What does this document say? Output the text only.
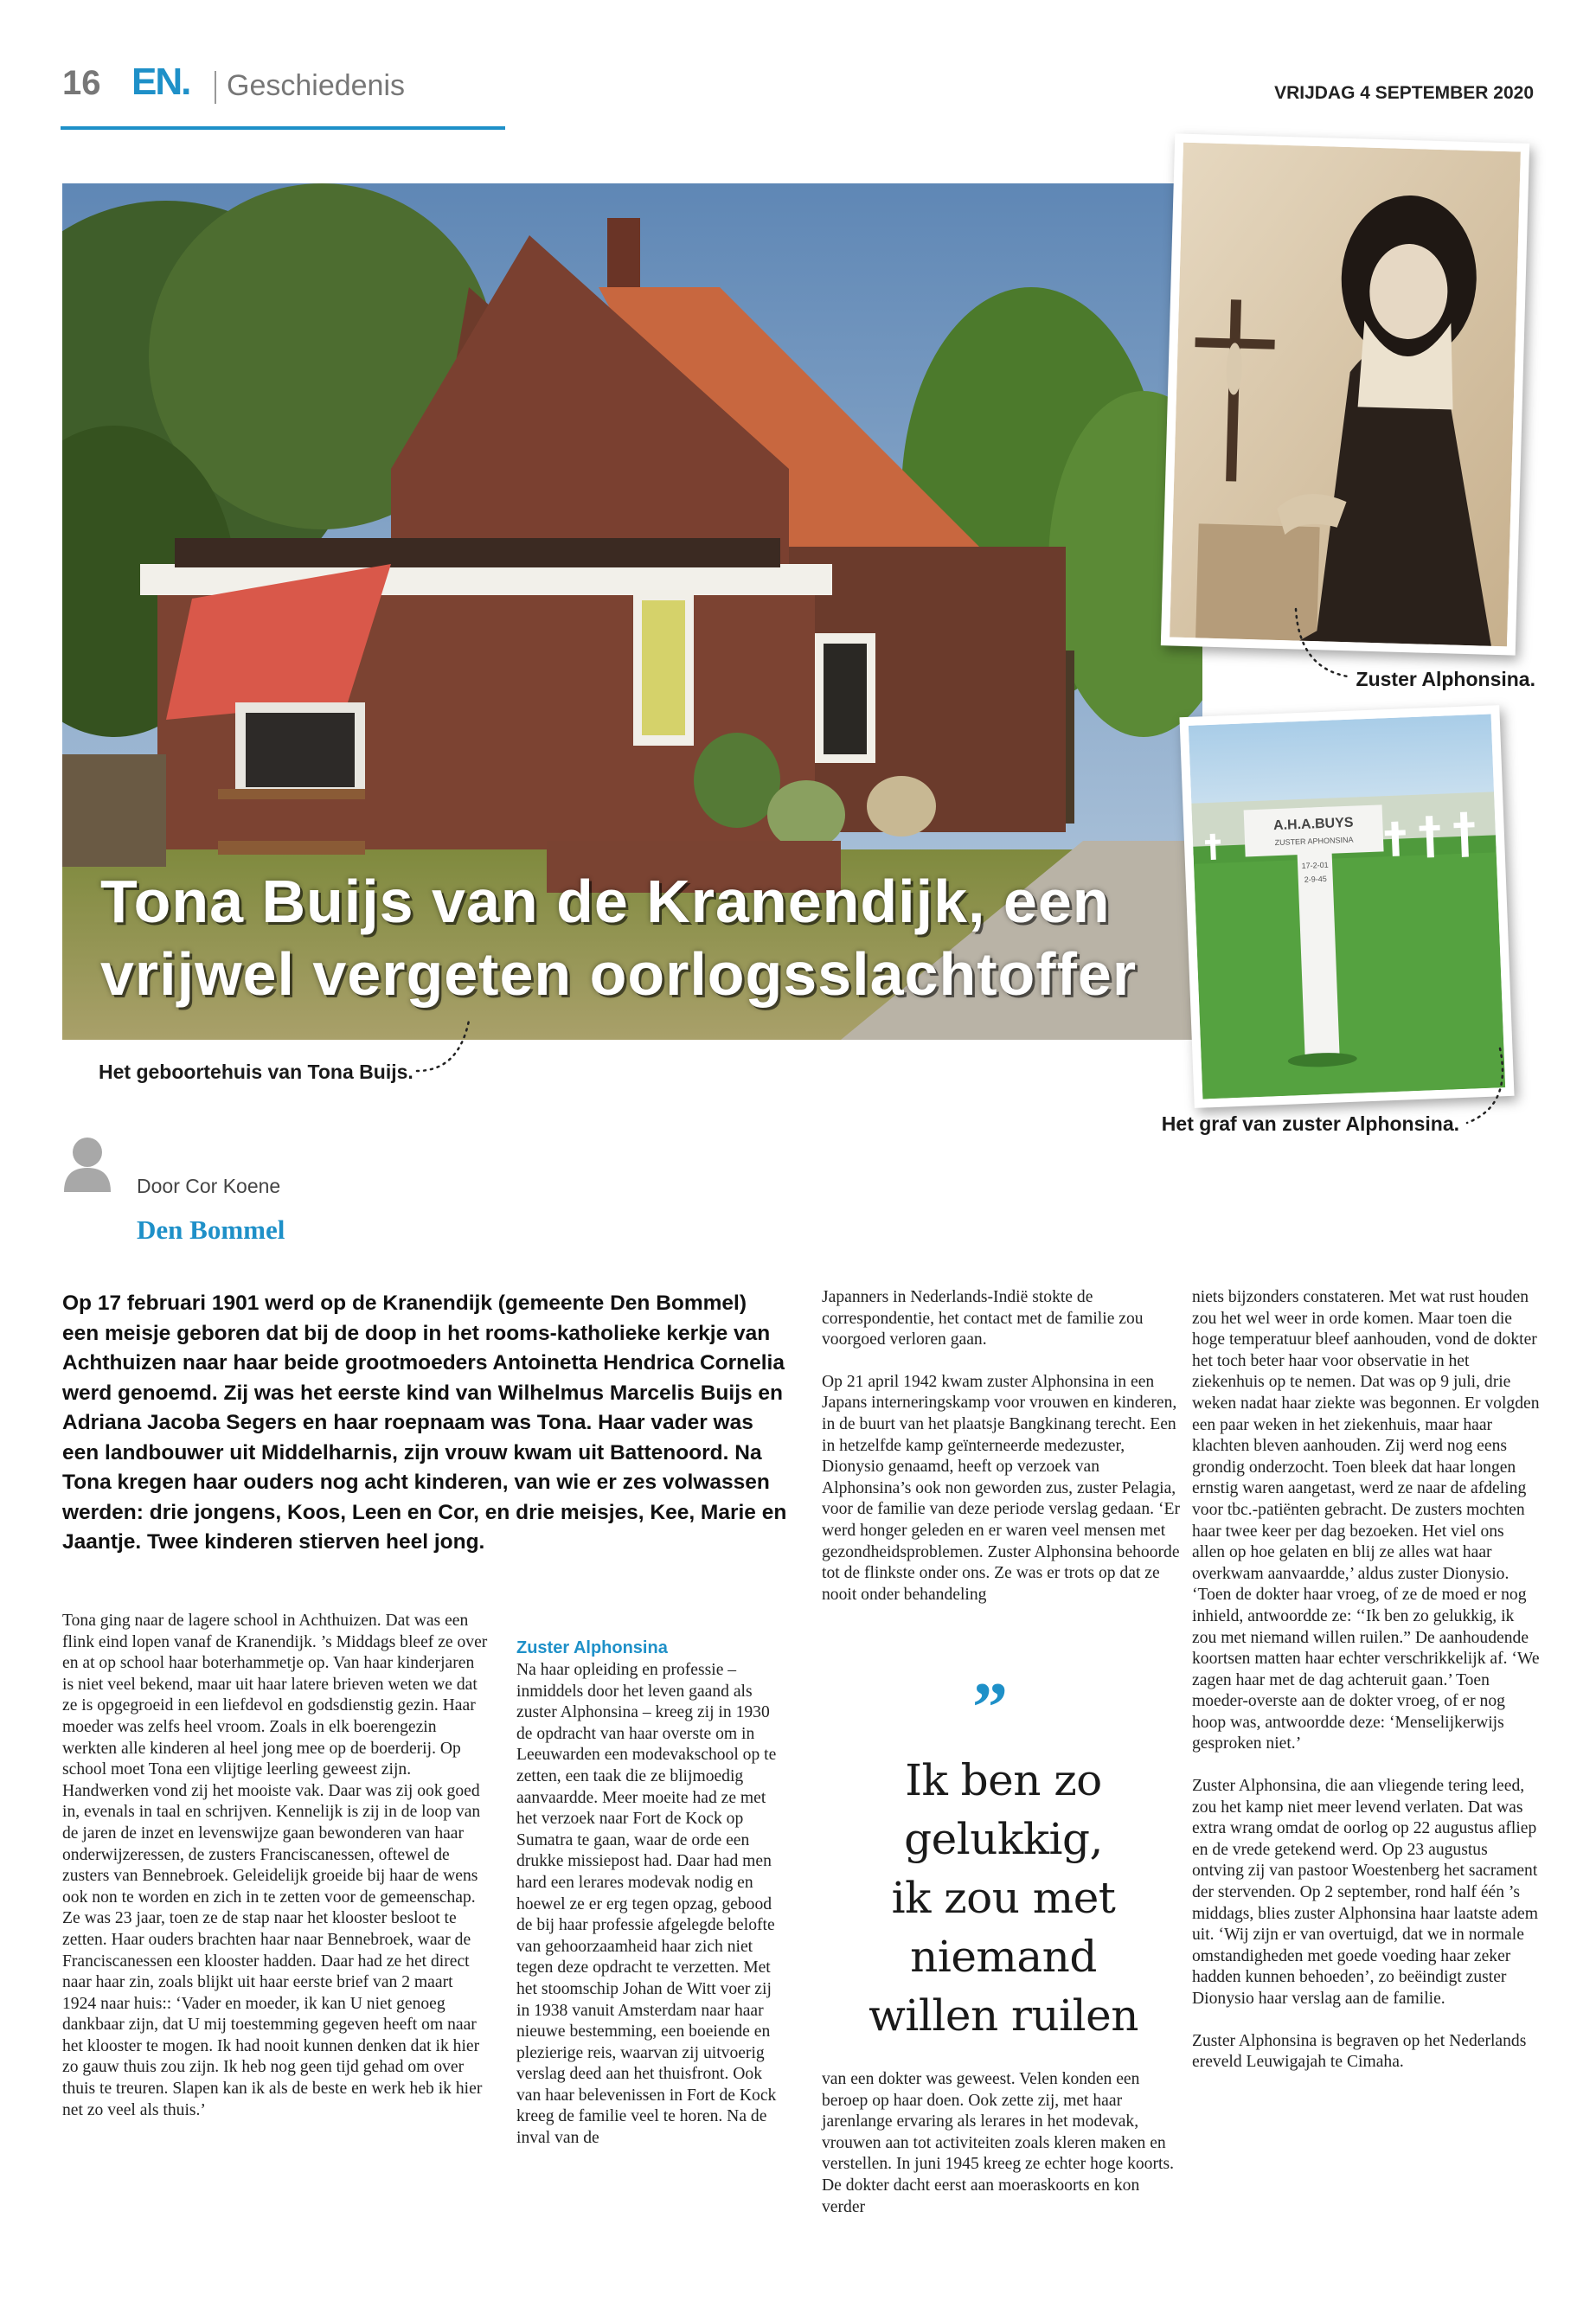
16 EN. Geschiedenis	VRIJDAG 4 SEPTEMBER 2020
Tona Buijs van de Kranendijk, een
vrijwel vergeten oorlogsslachtoffer
A.H.A.BUYS
ZUSTER APHONSINA
17-2-01
2-9-45
Het geboortehuis van Tona Buijs.
Zuster Alphonsina.
Het graf van zuster Alphonsina.
Door Cor Koene
Den Bommel
Op 17 februari 1901 werd op de Kranendijk (gemeente Den Bommel) een meisje geboren dat bij de doop in het rooms-katholieke kerkje van Achthuizen naar haar beide grootmoeders Antoinetta Hendrica Cornelia werd genoemd. Zij was het eerste kind van Wilhelmus Marcelis Buijs en Adriana Jacoba Segers en haar roepnaam was Tona. Haar vader was een landbouwer uit Middelharnis, zijn vrouw kwam uit Battenoord. Na Tona kregen haar ouders nog acht kinderen, van wie er zes volwassen werden: drie jongens, Koos, Leen en Cor, en drie meisjes, Kee, Marie en Jaantje. Twee kinderen stierven heel jong.

Tona ging naar de lagere school in Achthuizen. Dat was een flink eind lopen vanaf de Kranendijk. ’s Middags bleef ze over en at op school haar boterhammetje op. Van haar kinderjaren is niet veel bekend, maar uit haar latere brieven weten we dat ze is opgegroeid in een liefdevol en godsdienstig gezin. Haar moeder was zelfs heel vroom. Zoals in elk boerengezin werkten alle kinderen al heel jong mee op de boerderij. Op school moet Tona een vlijtige leerling geweest zijn. Handwerken vond zij het mooiste vak. Daar was zij ook goed in, evenals in taal en schrijven. Kennelijk is zij in de loop van de jaren de inzet en levenswijze gaan bewonderen van haar onderwijzeressen, de zusters Franciscanessen, oftewel de zusters van Bennebroek. Geleidelijk groeide bij haar de wens ook non te worden en zich in te zetten voor de gemeenschap. Ze was 23 jaar, toen ze de stap naar het klooster besloot te zetten. Haar ouders brachten haar naar Bennebroek, waar de Franciscanessen een klooster hadden. Daar had ze het direct naar haar zin, zoals blijkt uit haar eerste brief van 2 maart 1924 naar huis:: ‘Vader en moeder, ik kan U niet genoeg dankbaar zijn, dat U mij toestemming gegeven heeft om naar het klooster te mogen. Ik had nooit kunnen denken dat ik hier zo gauw thuis zou zijn. Ik heb nog geen tijd gehad om over thuis te treuren. Slapen kan ik als de beste en werk heb ik hier net zo veel als thuis.’

Zuster Alphonsina

Na haar opleiding en professie – inmiddels door het leven gaand als zuster Alphonsina – kreeg zij in 1930 de opdracht van haar overste om in Leeuwarden een modevakschool op te zetten, een taak die ze blijmoedig aanvaardde. Meer moeite had ze met het verzoek naar Fort de Kock op Sumatra te gaan, waar de orde een drukke missiepost had. Daar had men hard een lerares modevak nodig en hoewel ze er erg tegen opzag, gebood de bij haar professie afgelegde belofte van gehoorzaamheid haar zich niet tegen deze opdracht te verzetten. Met het stoomschip Johan de Witt voer zij in 1938 vanuit Amsterdam naar haar nieuwe bestemming, een boeiende en plezierige reis, waarvan zij uitvoerig verslag deed aan het thuisfront. Ook van haar belevenissen in Fort de Kock kreeg de familie veel te horen. Na de inval van de

Japanners in Nederlands-Indië stokte de correspondentie, het contact met de familie zou voorgoed verloren gaan.

Op 21 april 1942 kwam zuster Alphonsina in een Japans interneringskamp voor vrouwen en kinderen, in de buurt van het plaatsje Bangkinang terecht. Een in hetzelfde kamp geïnterneerde medezuster, Dionysio genaamd, heeft op verzoek van Alphonsina’s ook non geworden zus, zuster Pelagia, voor de familie van deze periode verslag gedaan. ‘Er werd honger geleden en er waren veel mensen met gezondheidsproblemen. Zuster Alphonsina behoorde tot de flinkste onder ons. Ze was er trots op dat ze nooit onder behandeling

”
Ik ben zo
gelukkig,
ik zou met
niemand
willen ruilen

van een dokter was geweest. Velen konden een beroep op haar doen. Ook zette zij, met haar jarenlange ervaring als lerares in het modevak, vrouwen aan tot activiteiten zoals kleren maken en verstellen. In juni 1945 kreeg ze echter hoge koorts. De dokter dacht eerst aan moeraskoorts en kon verder

niets bijzonders constateren. Met wat rust houden zou het wel weer in orde komen. Maar toen die hoge temperatuur bleef aanhouden, vond de dokter het toch beter haar voor observatie in het ziekenhuis op te nemen. Dat was op 9 juli, drie weken nadat haar ziekte was begonnen. Er volgden een paar weken in het ziekenhuis, maar haar klachten bleven aanhouden. Zij werd nog eens grondig onderzocht. Toen bleek dat haar longen ernstig waren aangetast, werd ze naar de afdeling voor tbc.-patiënten gebracht. De zusters mochten haar twee keer per dag bezoeken. Het viel ons allen op hoe gelaten en blij ze alles wat haar overkwam aanvaardde,’ aldus zuster Dionysio. ‘Toen de dokter haar vroeg, of ze de moed er nog inhield, antwoordde ze: ‘‘Ik ben zo gelukkig, ik zou met niemand willen ruilen.” De aanhoudende koortsen matten haar echter verschrikkelijk af. ‘We zagen haar met de dag achteruit gaan.’ Toen moeder-overste aan de dokter vroeg, of er nog hoop was, antwoordde deze: ‘Menselijkerwijs gesproken niet.’

Zuster Alphonsina, die aan vliegende tering leed, zou het kamp niet meer levend verlaten. Dat was extra wrang omdat de oorlog op 22 augustus afliep en de vrede getekend werd. Op 23 augustus ontving zij van pastoor Woestenberg het sacrament der stervenden. Op 2 september, rond half één ’s middags, blies zuster Alphonsina haar laatste adem uit. ‘Wij zijn er van overtuigd, dat we in normale omstandigheden met goede voeding haar zeker hadden kunnen behoeden’, zo beëindigt zuster Dionysio haar verslag aan de familie.

Zuster Alphonsina is begraven op het Nederlands ereveld Leuwigajah te Cimaha.
